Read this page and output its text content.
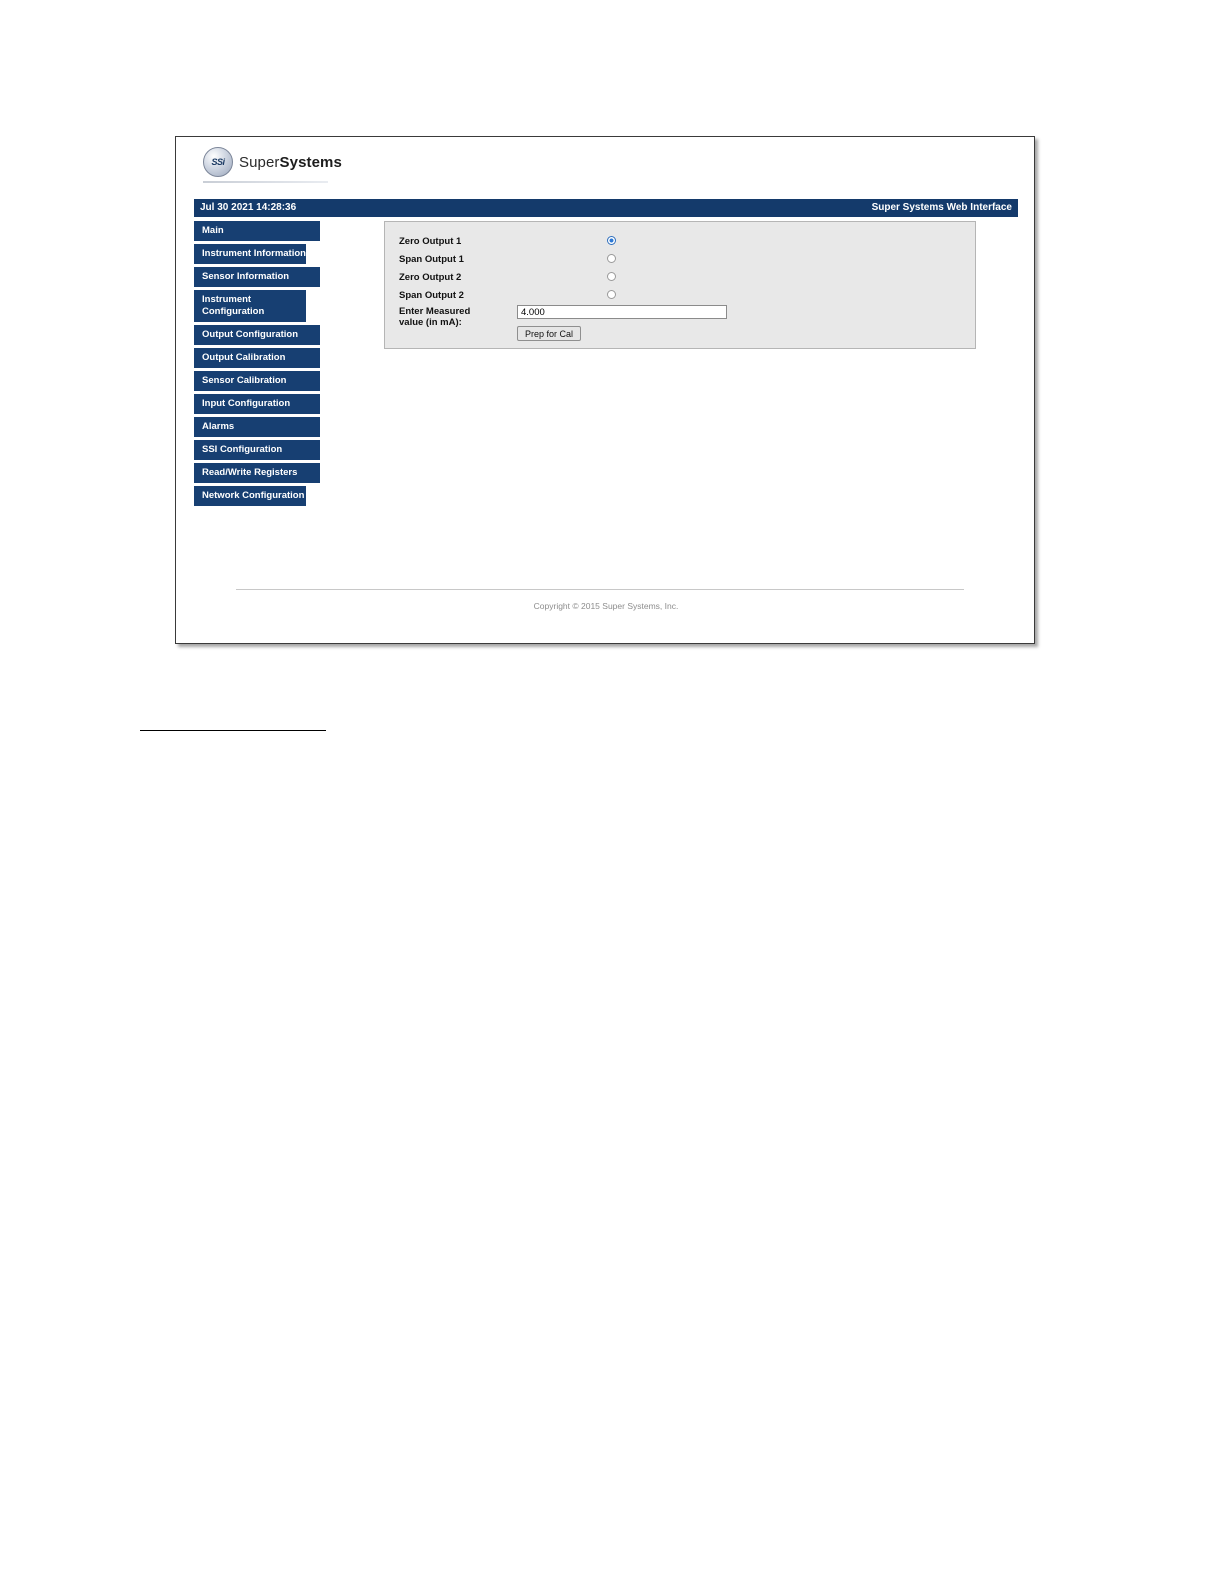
SSi SuperSystems
Jul 30 2021 14:28:36	Super Systems Web Interface
Main
Instrument Information
Sensor Information
Instrument Configuration
Output Configuration
Output Calibration
Sensor Calibration
Input Configuration
Alarms
SSI Configuration
Read/Write Registers
Network Configuration
Zero Output 1
Span Output 1
Zero Output 2
Span Output 2
Enter Measured
value (in mA):
4.000
Prep for Cal
Copyright © 2015 Super Systems, Inc.
